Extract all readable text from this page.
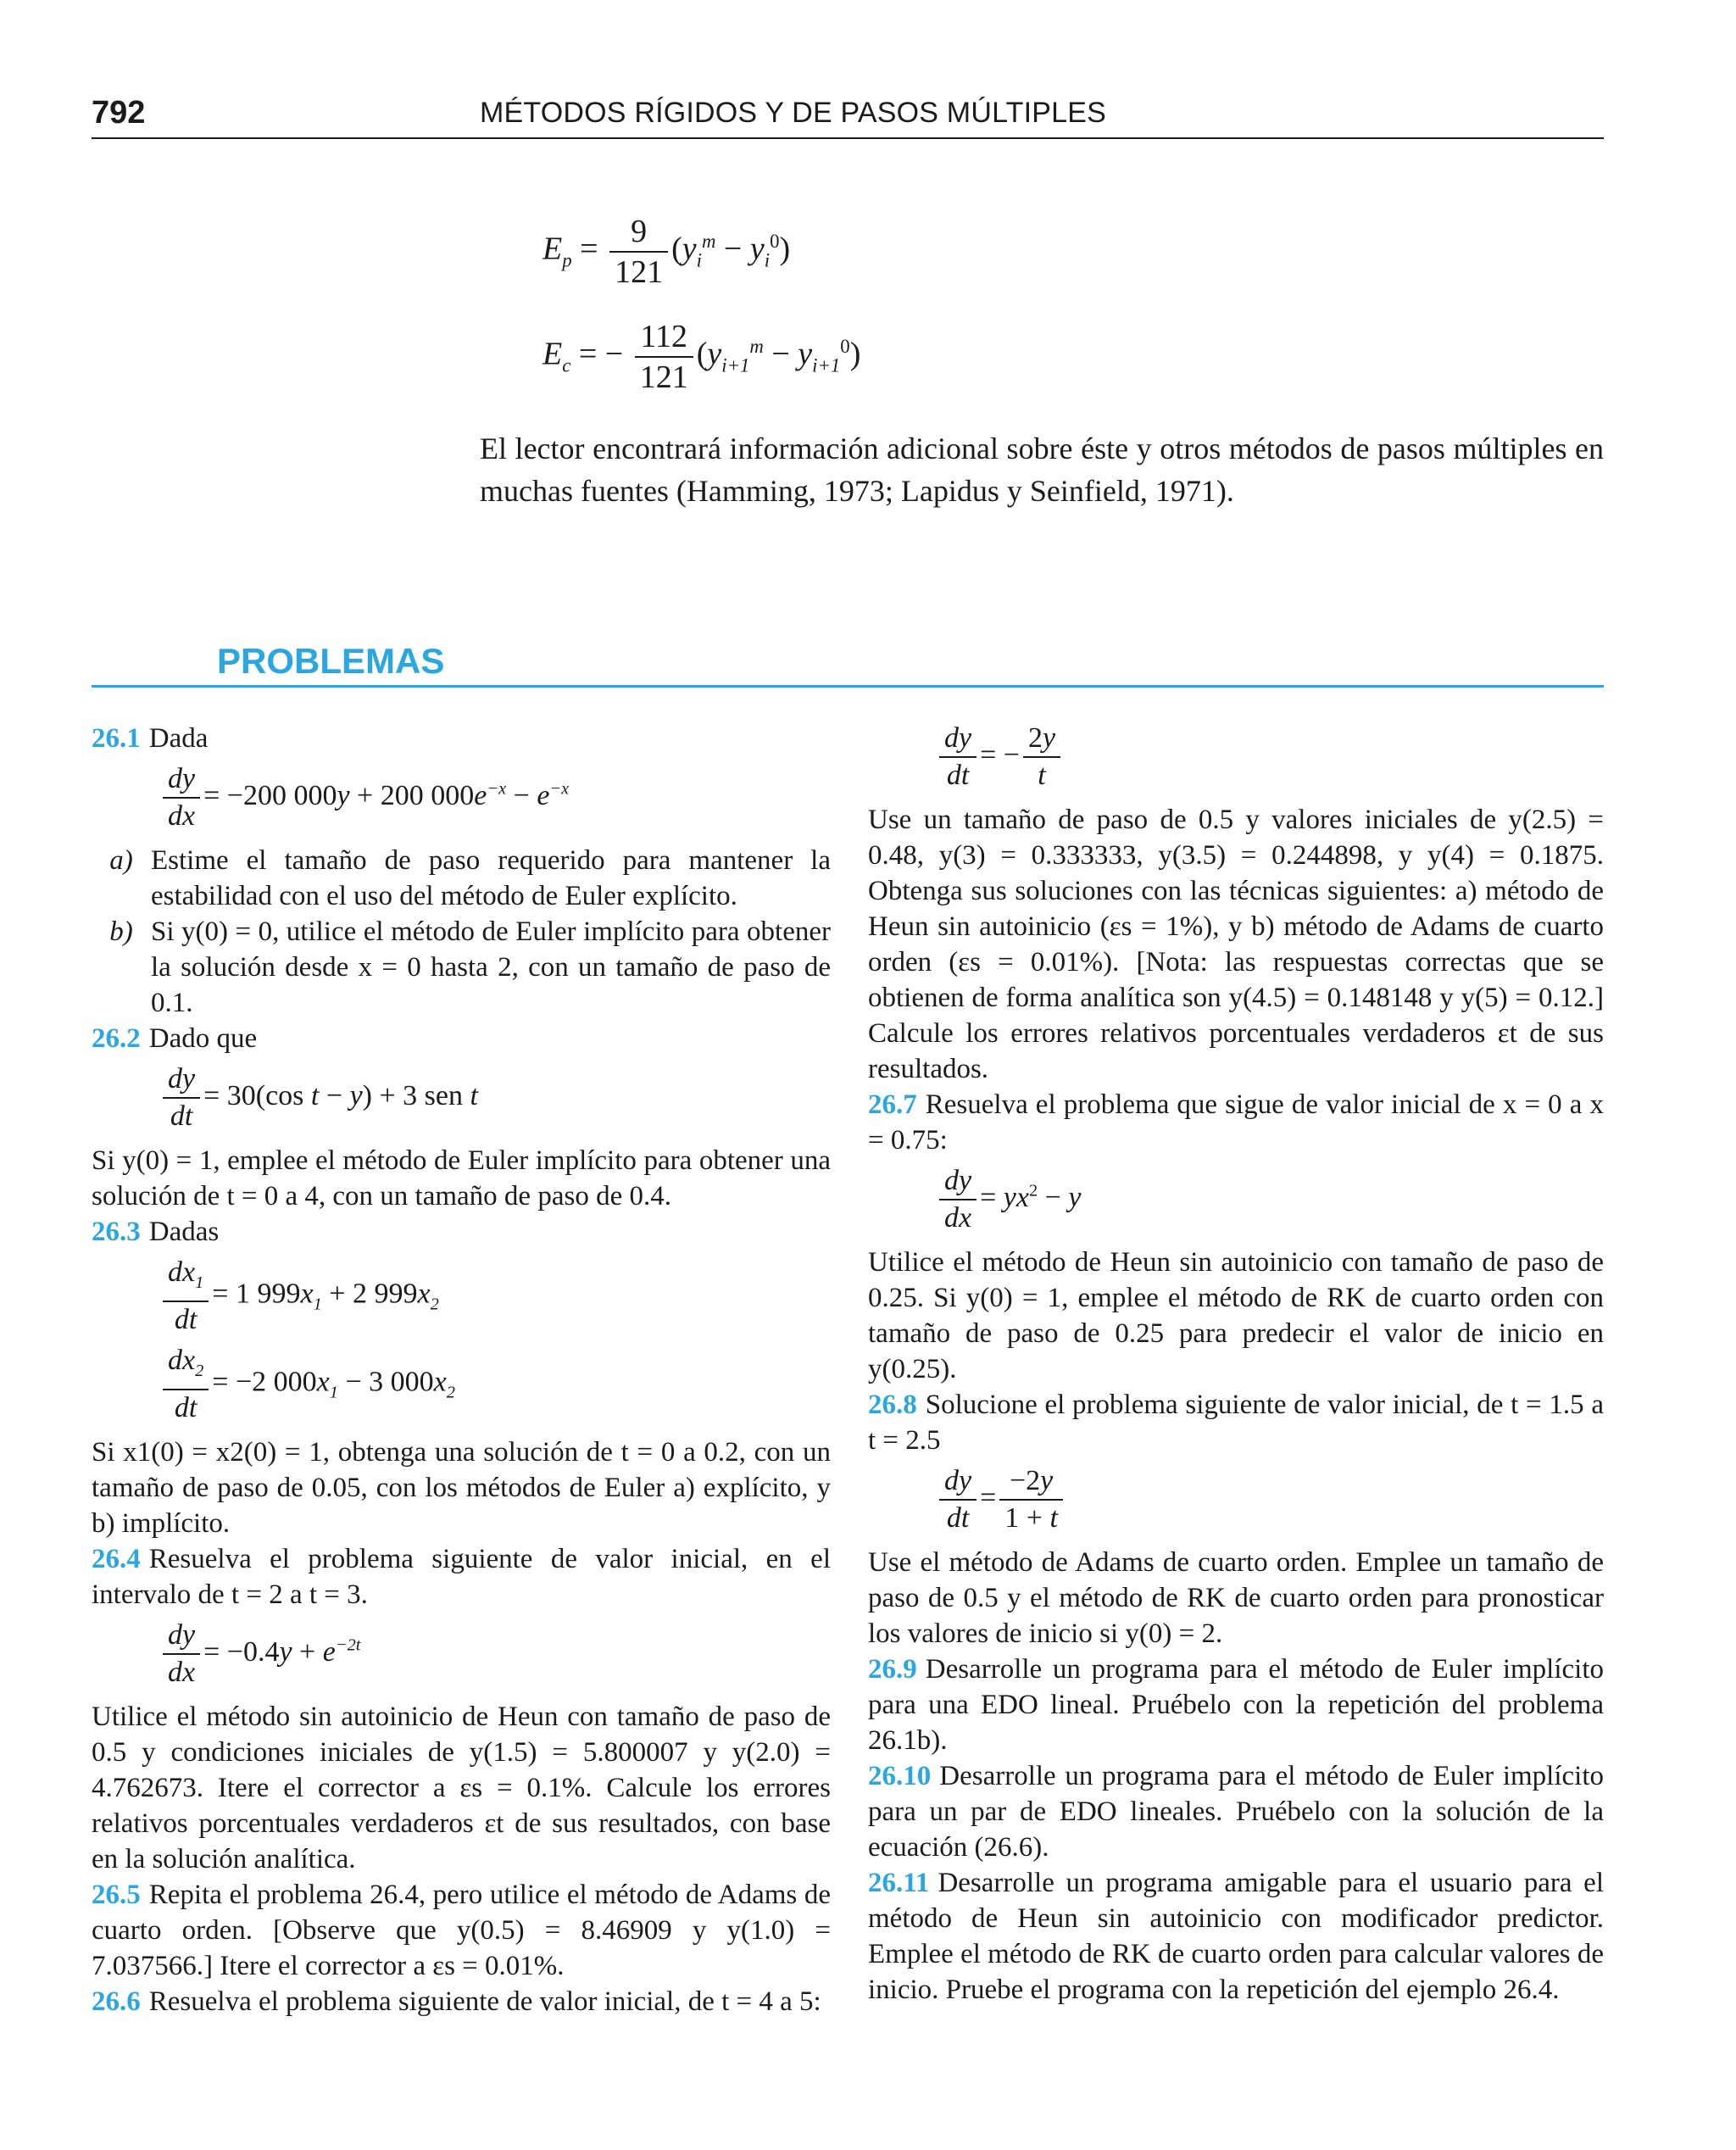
792	MÉTODOS RÍGIDOS Y DE PASOS MÚLTIPLES
$E_p = \frac{9}{121} (y_i^m - y_i^0)$
$E_c$ = − $\frac{112}{121} (y_{i+1}^m - y_{i+1}^0)$
El lector encontrará información adicional sobre éste y otros métodos de pasos múltiples en muchas fuentes (Hamming, 1973; Lapidus y Seinfield, 1971).
PROBLEMAS

26.1 Dada

$\frac{dy}{dx} = -200$ 000y + 200 $000e^{-x} - e^{-x}$
a) Estime el tamaño de paso requerido para mantener la estabilidad con el uso del método de Euler explícito.
b) Si y(0) = 0, utilice el método de Euler implícito para obtener la solución desde x = 0 hasta 2, con un tamaño de paso de 0.1.

26.2 Dado que

$\frac{dy}{dt} = 30(\cos$ t − y) + 3 sen t

Si y(0) = 1, emplee el método de Euler implícito para obtener una solución de t = 0 a 4, con un tamaño de paso de 0.4.

26.3 Dadas

$\frac{dx_1}{dt} = 1$ $999x_1 + 2$ $999x_2$
$\frac{dx_2}{dt} = -2$ $000x_1 - 3$ $000x_2$

Si x1(0) = x2(0) = 1, obtenga una solución de t = 0 a 0.2, con un tamaño de paso de 0.05, con los métodos de Euler a) explícito, y b) implícito.

26.4 Resuelva el problema siguiente de valor inicial, en el intervalo de t = 2 a t = 3.

$\frac{dy}{dx} = -0.4y + e^{-2t}$

Utilice el método sin autoinicio de Heun con tamaño de paso de 0.5 y condiciones iniciales de y(1.5) = 5.800007 y y(2.0) = 4.762673. Itere el corrector a εs = 0.1%. Calcule los errores relativos porcentuales verdaderos εt de sus resultados, con base en la solución analítica.

26.5 Repita el problema 26.4, pero utilice el método de Adams de cuarto orden. [Observe que y(0.5) = 8.46909 y y(1.0) = 7.037566.] Itere el corrector a εs = 0.01%.

26.6 Resuelva el problema siguiente de valor inicial, de t = 4 a 5:

$\frac{dy}{dt}$ = − $\frac{2y}{t}$

Use un tamaño de paso de 0.5 y valores iniciales de y(2.5) = 0.48, y(3) = 0.333333, y(3.5) = 0.244898, y y(4) = 0.1875. Obtenga sus soluciones con las técnicas siguientes: a) método de Heun sin autoinicio (εs = 1%), y b) método de Adams de cuarto orden (εs = 0.01%). [Nota: las respuestas correctas que se obtienen de forma analítica son y(4.5) = 0.148148 y y(5) = 0.12.] Calcule los errores relativos porcentuales verdaderos εt de sus resultados.

26.7 Resuelva el problema que sigue de valor inicial de x = 0 a x = 0.75:

$\frac{dy}{dx} = yx^2 - y$

Utilice el método de Heun sin autoinicio con tamaño de paso de 0.25. Si y(0) = 1, emplee el método de RK de cuarto orden con tamaño de paso de 0.25 para predecir el valor de inicio en y(0.25).

26.8 Solucione el problema siguiente de valor inicial, de t = 1.5 a t = 2.5

$\frac{dy}{dt} = \frac{-2y}{1 + t}$

Use el método de Adams de cuarto orden. Emplee un tamaño de paso de 0.5 y el método de RK de cuarto orden para pronosticar los valores de inicio si y(0) = 2.

26.9 Desarrolle un programa para el método de Euler implícito para una EDO lineal. Pruébelo con la repetición del problema 26.1b).

26.10 Desarrolle un programa para el método de Euler implícito para un par de EDO lineales. Pruébelo con la solución de la ecuación (26.6).

26.11 Desarrolle un programa amigable para el usuario para el método de Heun sin autoinicio con modificador predictor. Emplee el método de RK de cuarto orden para calcular valores de inicio. Pruebe el programa con la repetición del ejemplo 26.4.
